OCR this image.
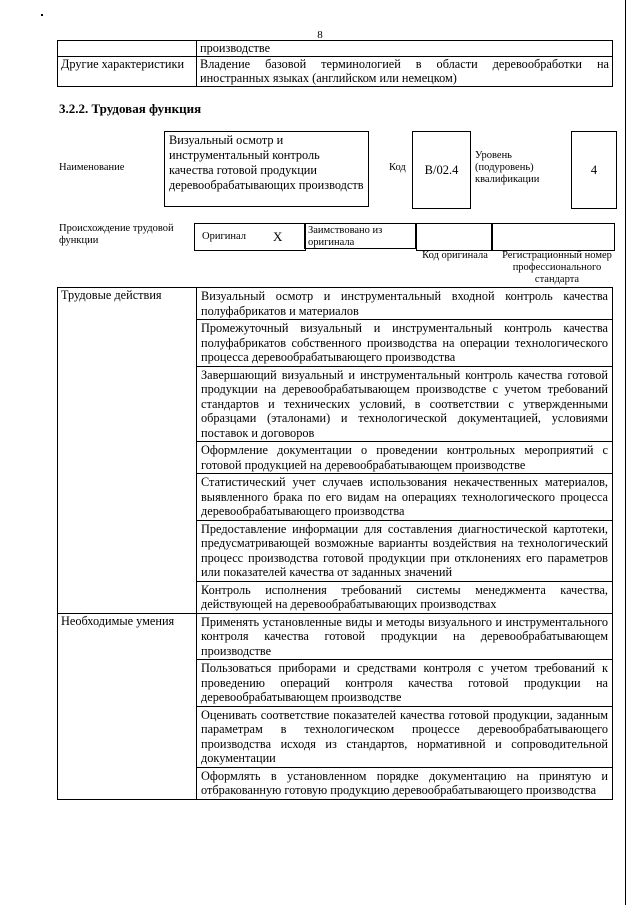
8
	производстве
Другие характеристики	Владение базовой терминологией в области деревообработки на иностранных языках (английском или немецком)
3.2.2. Трудовая функция
Наименование
Визуальный осмотр и инструментальный контроль качества готовой продукции деревообрабатывающих производств
Код	B/02.4
Уровень (подуровень) квалификации
4
Происхождение трудовой функции	Оригинал X	Заимствовано из оригинала
Код оригинала	Регистрационный номер профессионального стандарта
Трудовые действия	Визуальный осмотр и инструментальный входной контроль качества полуфабрикатов и материалов
	Промежуточный визуальный и инструментальный контроль качества полуфабрикатов собственного производства на операции технологического процесса деревообрабатывающего производства
	Завершающий визуальный и инструментальный контроль качества готовой продукции на деревообрабатывающем производстве с учетом требований стандартов и технических условий, в соответствии с утвержденными образцами (эталонами) и технологической документацией, условиями поставок и договоров
	Оформление документации о проведении контрольных мероприятий с готовой продукцией на деревообрабатывающем производстве
	Статистический учет случаев использования некачественных материалов, выявленного брака по его видам на операциях технологического процесса деревообрабатывающего производства
	Предоставление информации для составления диагностической картотеки, предусматривающей возможные варианты воздействия на технологический процесс производства готовой продукции при отклонениях его параметров или показателей качества от заданных значений
	Контроль исполнения требований системы менеджмента качества, действующей на деревообрабатывающих производствах
Необходимые умения	Применять установленные виды и методы визуального и инструментального контроля качества готовой продукции на деревообрабатывающем производстве
	Пользоваться приборами и средствами контроля с учетом требований к проведению операций контроля качества готовой продукции на деревообрабатывающем производстве
	Оценивать соответствие показателей качества готовой продукции, заданным параметрам в технологическом процессе деревообрабатывающего производства исходя из стандартов, нормативной и сопроводительной документации
	Оформлять в установленном порядке документацию на принятую и отбракованную готовую продукцию деревообрабатывающего производства
